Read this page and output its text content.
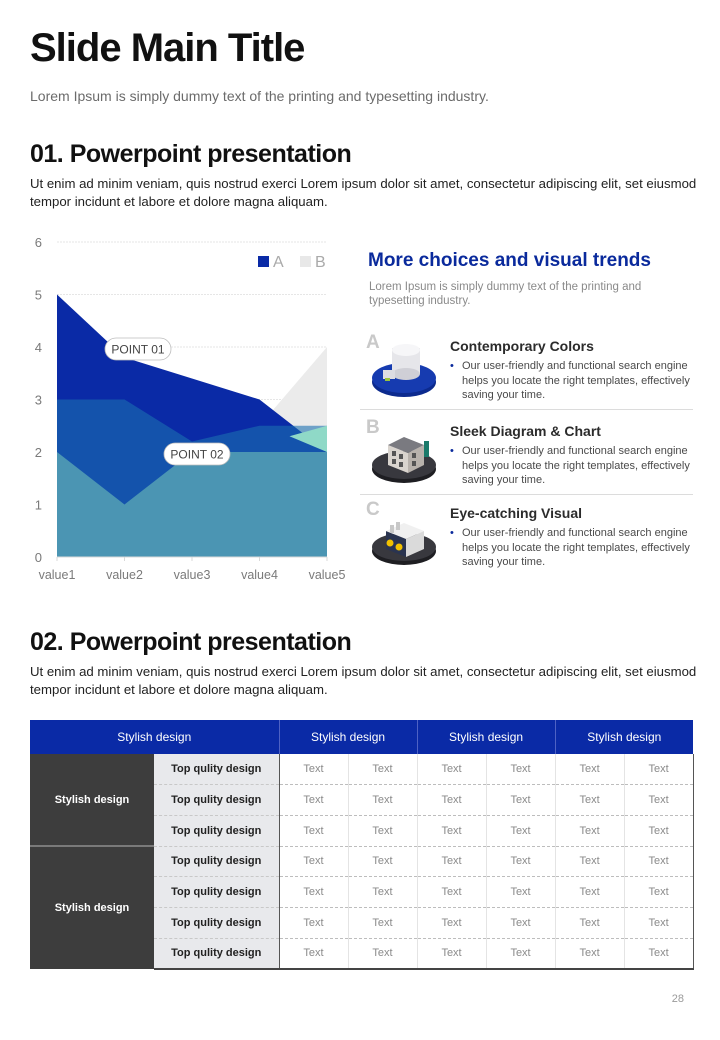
Slide Main Title
Lorem Ipsum is simply dummy text of the printing and typesetting industry.
01. Powerpoint presentation
Ut enim ad minim veniam, quis nostrud exerci Lorem ipsum dolor sit amet, consectetur adipiscing elit, set eiusmod tempor incidunt et labore et dolore magna aliquam.
0
1
2
3
4
5
6
value1 value2 value3 value4 value5
A B
POINT 01
POINT 02
More choices and visual trends
Lorem Ipsum is simply dummy text of the printing and typesetting industry.
A	Contemporary Colors
• Our user-friendly and functional search engine helps you locate the right templates, effectively saving your time.
B	Sleek Diagram & Chart
• Our user-friendly and functional search engine helps you locate the right templates, effectively saving your time.
C	Eye-catching Visual
• Our user-friendly and functional search engine helps you locate the right templates, effectively saving your time.
02. Powerpoint presentation
Ut enim ad minim veniam, quis nostrud exerci Lorem ipsum dolor sit amet, consectetur adipiscing elit, set eiusmod tempor incidunt et labore et dolore magna aliquam.
Stylish design		Stylish design		Stylish design		Stylish design	
Stylish design	Top qulity design	Text	Text	Text	Text	Text	Text
	Top qulity design	Text	Text	Text	Text	Text	Text
	Top qulity design	Text	Text	Text	Text	Text	Text
Stylish design	Top qulity design	Text	Text	Text	Text	Text	Text
	Top qulity design	Text	Text	Text	Text	Text	Text
	Top qulity design	Text	Text	Text	Text	Text	Text
	Top qulity design	Text	Text	Text	Text	Text	Text
28
